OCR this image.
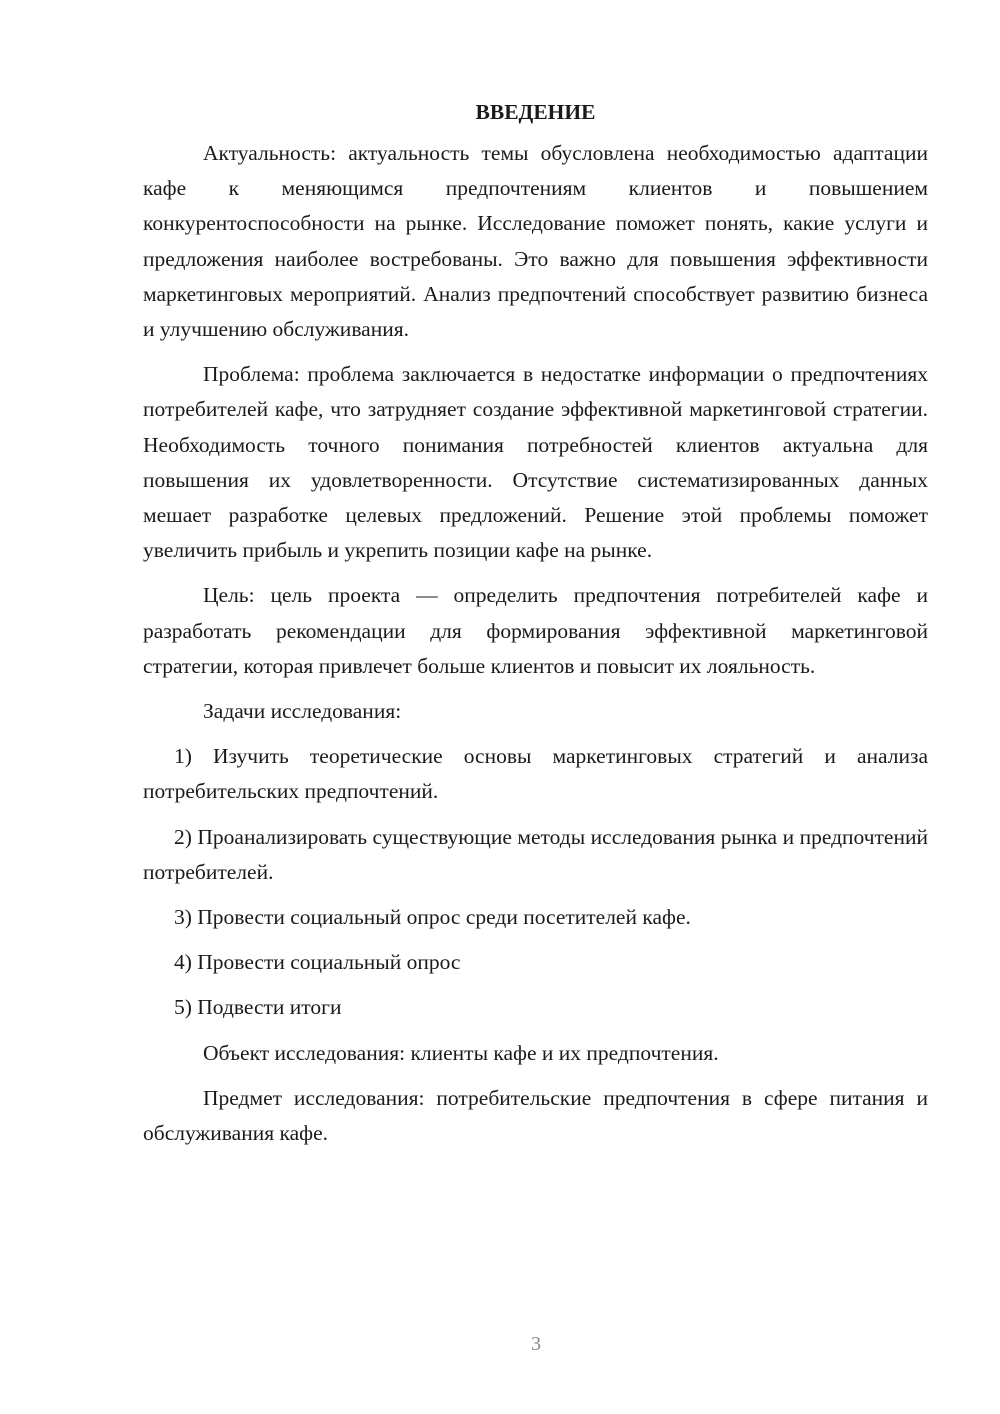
ВВЕДЕНИЕ

Актуальность: актуальность темы обусловлена необходимостью адаптации кафе к меняющимся предпочтениям клиентов и повышением конкурентоспособности на рынке. Исследование поможет понять, какие услуги и предложения наиболее востребованы. Это важно для повышения эффективности маркетинговых мероприятий. Анализ предпочтений способствует развитию бизнеса и улучшению обслуживания.

Проблема: проблема заключается в недостатке информации о предпочтениях потребителей кафе, что затрудняет создание эффективной маркетинговой стратегии. Необходимость точного понимания потребностей клиентов актуальна для повышения их удовлетворенности. Отсутствие систематизированных данных мешает разработке целевых предложений. Решение этой проблемы поможет увеличить прибыль и укрепить позиции кафе на рынке.

Цель: цель проекта — определить предпочтения потребителей кафе и разработать рекомендации для формирования эффективной маркетинговой стратегии, которая привлечет больше клиентов и повысит их лояльность.

Задачи исследования:

1) Изучить теоретические основы маркетинговых стратегий и анализа потребительских предпочтений.

2) Проанализировать существующие методы исследования рынка и предпочтений потребителей.

3) Провести социальный опрос среди посетителей кафе.

4) Провести социальный опрос

5) Подвести итоги

Объект исследования: клиенты кафе и их предпочтения.

Предмет исследования: потребительские предпочтения в сфере питания и обслуживания кафе.

3
